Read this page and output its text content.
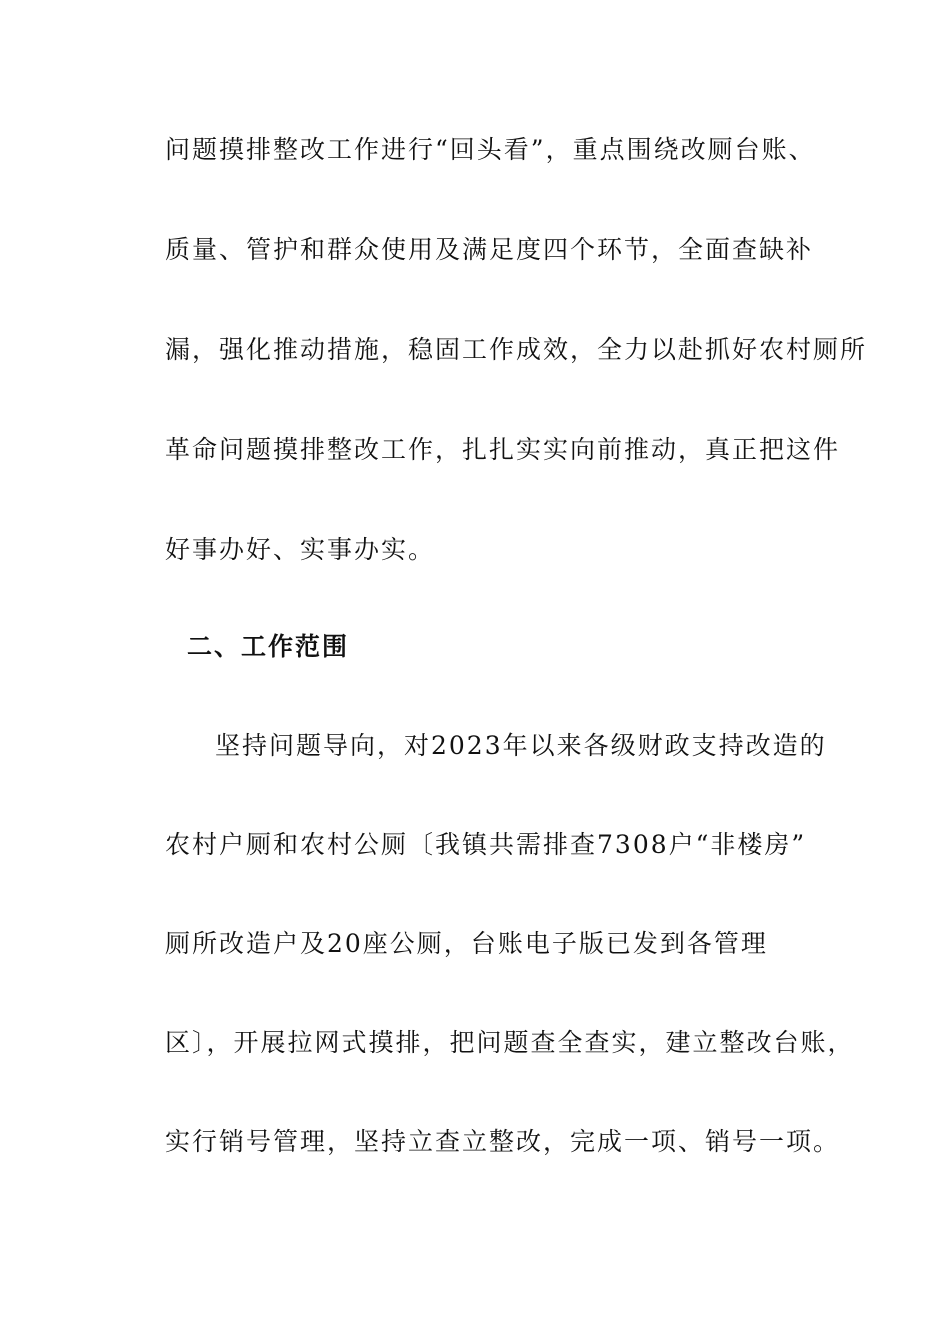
问题摸排整改工作进行“回头看”，重点围绕改厕台账、
质量、管护和群众使用及满足度四个环节，全面查缺补
漏，强化推动措施，稳固工作成效，全力以赴抓好农村厕所
革命问题摸排整改工作，扎扎实实向前推动，真正把这件
好事办好、实事办实。
二、工作范围
坚持问题导向，对2023年以来各级财政支持改造的
农村户厕和农村公厕〔我镇共需排查7308户“非楼房”
厕所改造户及20座公厕，台账电子版已发到各管理
区〕，开展拉网式摸排，把问题查全查实，建立整改台账，
实行销号管理，坚持立查立整改，完成一项、销号一项。
